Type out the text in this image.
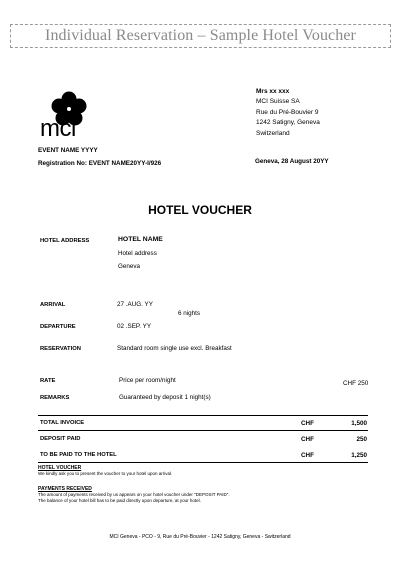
Individual Reservation – Sample Hotel Voucher
mci
Mrs xx xxx
MCI Suisse SA
Rue du Pré-Bouvier 9
1242 Satigny, Geneva
Switzerland
EVENT NAME YYYY
Registration No: EVENT NAME20YY-I/926	Geneva, 28 August 20YY
HOTEL VOUCHER
HOTEL ADDRESS	HOTEL NAME
Hotel address
Geneva
ARRIVAL	27 .AUG. YY
6 nights
DEPARTURE	02 .SEP. YY
RESERVATION	Standard room single use excl. Breakfast
RATE	Price per room/night	CHF 250
REMARKS	Guaranteed by deposit 1 night(s)
TOTAL INVOICE	CHF	1,500
DEPOSIT PAID	CHF	250
TO BE PAID TO THE HOTEL	CHF	1,250
HOTEL VOUCHER
We kindly ask you to present the voucher to your hotel upon arrival.
PAYMENTS RECEIVED
The amount of payments received by us appears on your hotel voucher under "DEPOSIT PAID".
The balance of your hotel bill has to be paid directly upon departure, at your hotel.
MCI Geneva - PCO - 9, Rue du Pré-Bouvier - 1242 Satigny, Geneva - Switzerland
